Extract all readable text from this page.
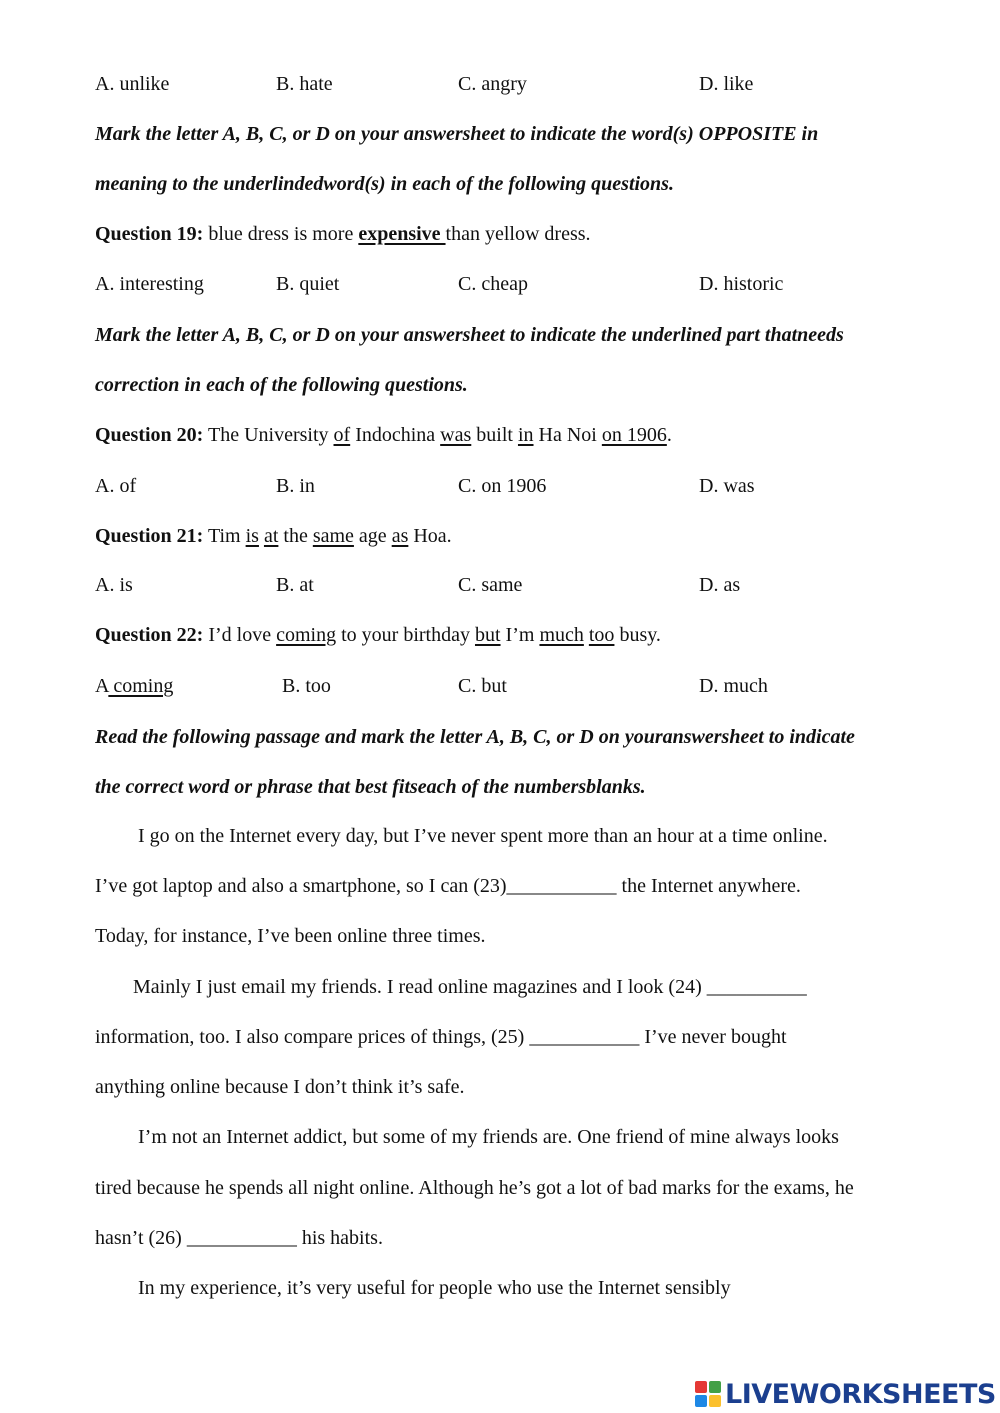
A. unlike	B. hate	C. angry	D. like
Mark the letter A, B, C, or D on your answersheet to indicate the word(s) OPPOSITE in
meaning to the underlindedword(s) in each of the following questions.
Question 19: blue dress is more expensive than yellow dress.
A. interesting	B. quiet	C. cheap	D. historic
Mark the letter A, B, C, or D on your answersheet to indicate the underlined part thatneeds
correction in each of the following questions.
Question 20: The University of Indochina was built in Ha Noi on 1906.
A. of	B. in	C. on 1906	D. was
Question 21: Tim is at the same age as Hoa.
A. is	B. at	C. same	D. as
Question 22: I’d love coming to your birthday but I’m much too busy.
A coming	B. too	C. but	D. much
Read the following passage and mark the letter A, B, C, or D on youranswersheet to indicate
the correct word or phrase that best fitseach of the numbersblanks.
I go on the Internet every day, but I’ve never spent more than an hour at a time online.
I’ve got laptop and also a smartphone, so I can (23)___________ the Internet anywhere.
Today, for instance, I’ve been online three times.
Mainly I just email my friends. I read online magazines and I look (24) __________
information, too. I also compare prices of things, (25) ___________ I’ve never bought
anything online because I don’t think it’s safe.
I’m not an Internet addict, but some of my friends are. One friend of mine always looks
tired because he spends all night online. Although he’s got a lot of bad marks for the exams, he
hasn’t (26) ___________ his habits.
In my experience, it’s very useful for people who use the Internet sensibly
LIVEWORKSHEETS
